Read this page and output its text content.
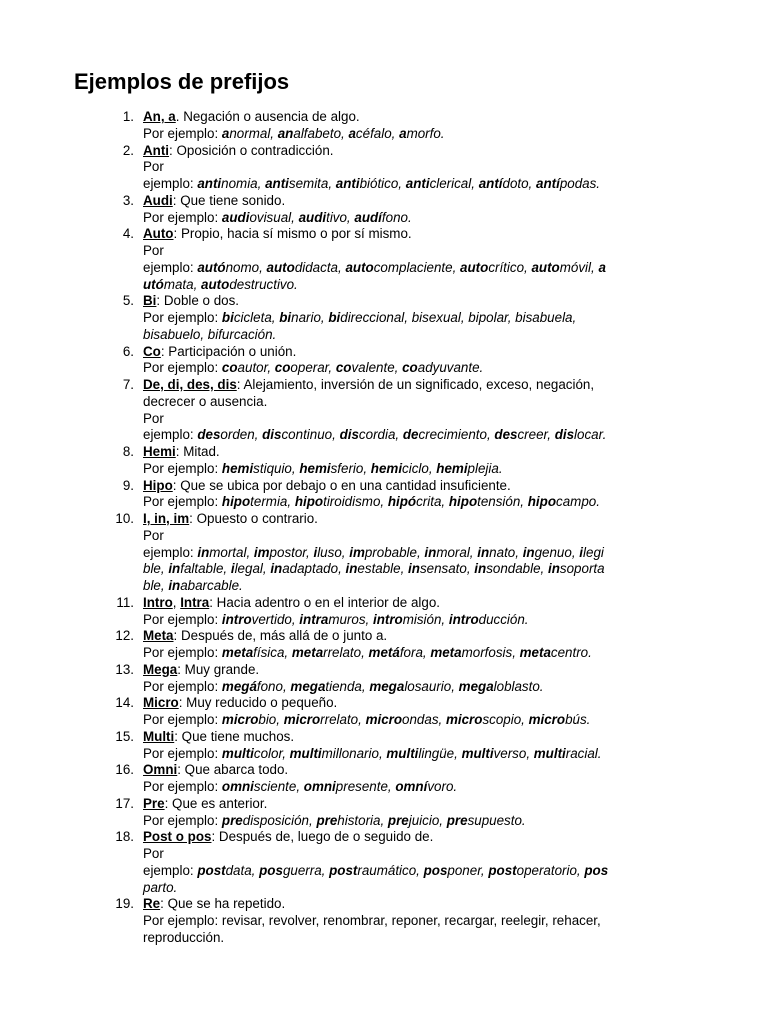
Ejemplos de prefijos
1. An, a. Negación o ausencia de algo.
Por ejemplo: anormal, analfabeto, acéfalo, amorfo.
2. Anti: Oposición o contradicción.
Por
ejemplo: antinomia, antisemita, antibiótico, anticlerical, antídoto, antípodas.
3. Audi: Que tiene sonido.
Por ejemplo: audiovisual, auditivo, audífono.
4. Auto: Propio, hacia sí mismo o por sí mismo.
Por
ejemplo: autónomo, autodidacta, autocomplaciente, autocrítico, automóvil, a
utómata, autodestructivo.
5. Bi: Doble o dos.
Por ejemplo: bicicleta, binario, bidireccional, bisexual, bipolar, bisabuela,
bisabuelo, bifurcación.
6. Co: Participación o unión.
Por ejemplo: coautor, cooperar, covalente, coadyuvante.
7. De, di, des, dis: Alejamiento, inversión de un significado, exceso, negación,
decrecer o ausencia.
Por
ejemplo: desorden, discontinuo, discordia, decrecimiento, descreer, dislocar.
8. Hemi: Mitad.
Por ejemplo: hemistiquio, hemisferio, hemiciclo, hemiplejia.
9. Hipo: Que se ubica por debajo o en una cantidad insuficiente.
Por ejemplo: hipotermia, hipotiroidismo, hipócrita, hipotensión, hipocampo.
10. I, in, im: Opuesto o contrario.
Por
ejemplo: inmortal, impostor, iluso, improbable, inmoral, innato, ingenuo, ilegi
ble, infaltable, ilegal, inadaptado, inestable, insensato, insondable, insoporta
ble, inabarcable.
11. Intro, Intra: Hacia adentro o en el interior de algo.
Por ejemplo: introvertido, intramuros, intromisión, introducción.
12. Meta: Después de, más allá de o junto a.
Por ejemplo: metafísica, metarrelato, metáfora, metamorfosis, metacentro.
13. Mega: Muy grande.
Por ejemplo: megáfono, megatienda, megalosaurio, megaloblasto.
14. Micro: Muy reducido o pequeño.
Por ejemplo: microbio, microrrelato, microondas, microscopio, microbús.
15. Multi: Que tiene muchos.
Por ejemplo: multicolor, multimillonario, multilingüe, multiverso, multiracial.
16. Omni: Que abarca todo.
Por ejemplo: omnisciente, omnipresente, omnívoro.
17. Pre: Que es anterior.
Por ejemplo: predisposición, prehistoria, prejuicio, presupuesto.
18. Post o pos: Después de, luego de o seguido de.
Por
ejemplo: postdata, posguerra, postraumático, posponer, postoperatorio, pos
parto.
19. Re: Que se ha repetido.
Por ejemplo: revisar, revolver, renombrar, reponer, recargar, reelegir, rehacer,
reproducción.
